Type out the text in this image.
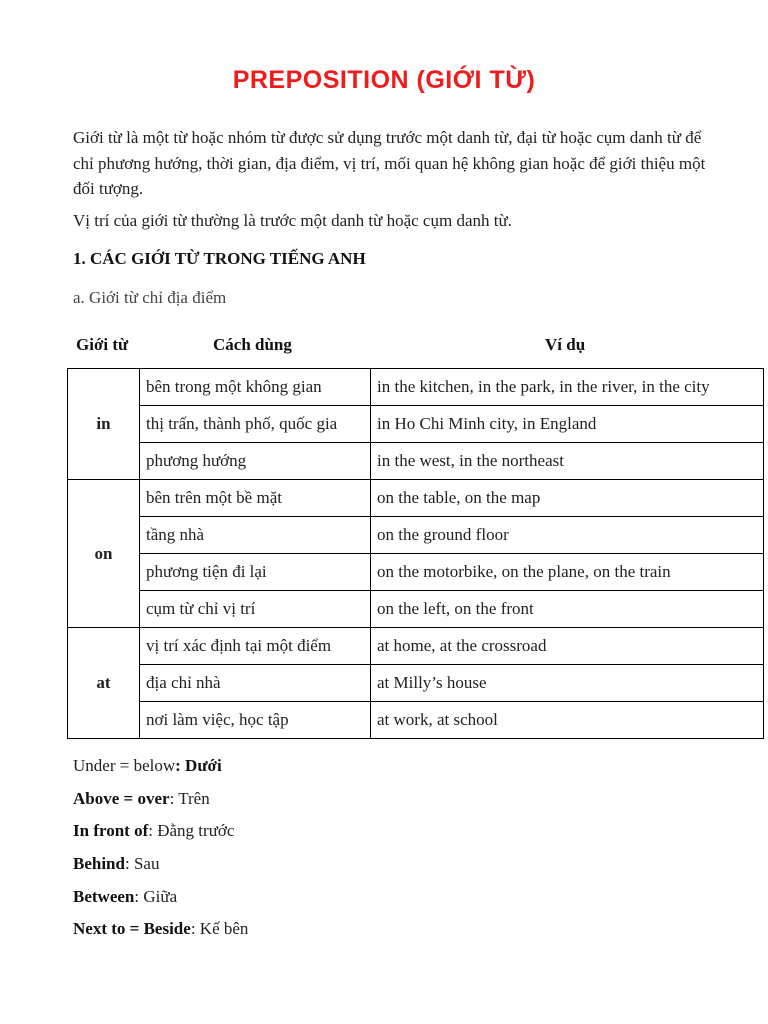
PREPOSITION (GIỚI TỪ)

Giới từ là một từ hoặc nhóm từ được sử dụng trước một danh từ, đại từ hoặc cụm danh từ để chỉ phương hướng, thời gian, địa điểm, vị trí, mối quan hệ không gian hoặc để giới thiệu một đối tượng.

Vị trí của giới từ thường là trước một danh từ hoặc cụm danh từ.

1. CÁC GIỚI TỪ TRONG TIẾNG ANH

a. Giới từ chỉ địa điểm

Giới từ	Cách dùng	Ví dụ
in	bên trong một không gian	in the kitchen, in the park, in the river, in the city
	thị trấn, thành phố, quốc gia	in Ho Chi Minh city, in England
	phương hướng	in the west, in the northeast
on	bên trên một bề mặt	on the table, on the map
	tầng nhà	on the ground floor
	phương tiện đi lại	on the motorbike, on the plane, on the train
	cụm từ chỉ vị trí	on the left, on the front
at	vị trí xác định tại một điểm	at home, at the crossroad
	địa chỉ nhà	at Milly’s house
	nơi làm việc, học tập	at work, at school
Under = below: Dưới
Above = over: Trên
In front of: Đằng trước
Behind: Sau
Between: Giữa
Next to = Beside: Kế bên
